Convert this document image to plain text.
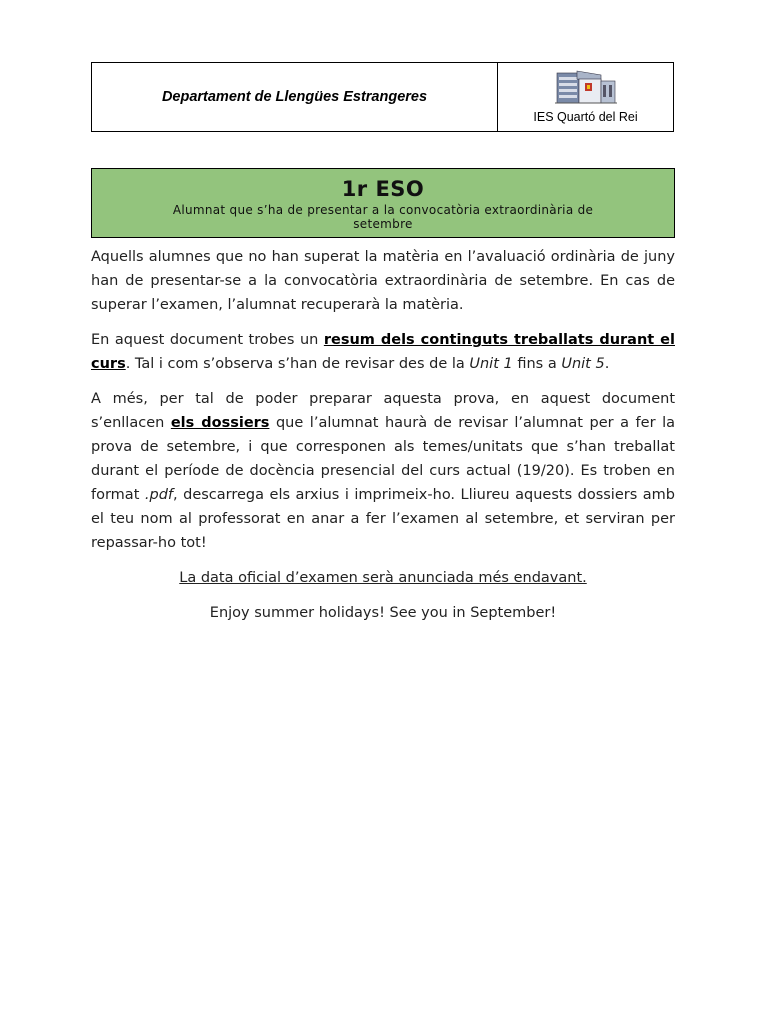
Departament de Llengües Estrangeres
IES Quartó del Rei
1r ESO
Alumnat que s’ha de presentar a la convocatòria extraordinària de setembre

Aquells alumnes que no han superat la matèria en l’avaluació ordinària de juny han de presentar-se a la convocatòria extraordinària de setembre. En cas de superar l’examen, l’alumnat recuperarà la matèria.

En aquest document trobes un resum dels continguts treballats durant el curs. Tal i com s’observa s’han de revisar des de la Unit 1 fins a Unit 5.

A més, per tal de poder preparar aquesta prova, en aquest document s’enllacen els dossiers que l’alumnat haurà de revisar l’alumnat per a fer la prova de setembre, i que corresponen als temes/unitats que s’han treballat durant el període de docència presencial del curs actual (19/20). Es troben en format .pdf, descarrega els arxius i imprimeix-ho. Lliureu aquests dossiers amb el teu nom al professorat en anar a fer l’examen al setembre, et serviran per repassar-ho tot!

La data oficial d’examen serà anunciada més endavant.

Enjoy summer holidays! See you in September!
